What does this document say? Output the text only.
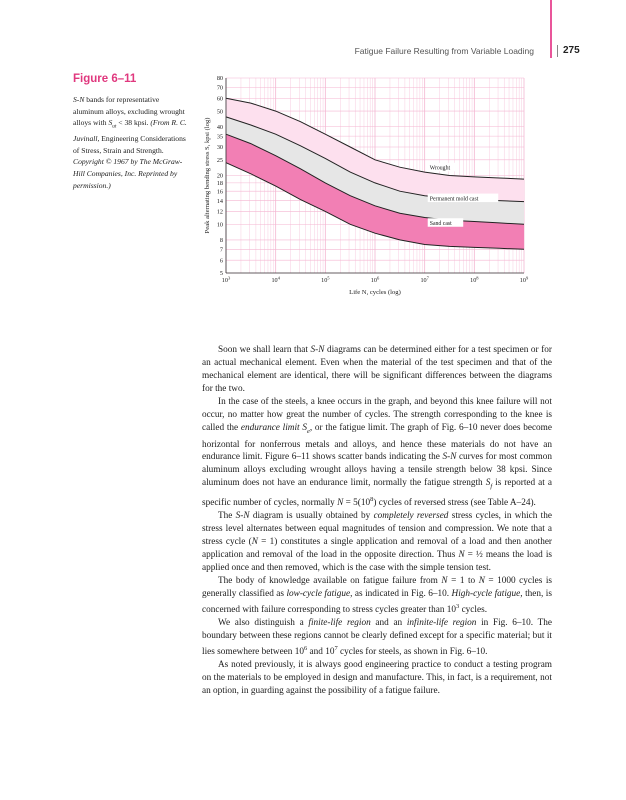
Fatigue Failure Resulting from Variable Loading	275
Figure 6–11
S-N bands for representative aluminum alloys, excluding wrought alloys with $S_{ut} < 38$ kpsi. (From R. C. Juvinall, Engineering Considerations of Stress, Strain and Strength. Copyright © 1967 by The McGraw-Hill Companies, Inc. Reprinted by permission.)
5
6
7
8
10
12
14
16
18
20
25
30
35
40
50
60
70
80
$10^3$	$10^4$	$10^5$	$10^6$	$10^7$	$10^8$	$10^9$
Life N, cycles (log)
Peak alternating bending stress S, kpsi (log)	Wrought
Permanent mold cast
Sand cast

Soon we shall learn that S-N diagrams can be determined either for a test specimen or for an actual mechanical element. Even when the material of the test specimen and that of the mechanical element are identical, there will be significant differences between the diagrams for the two.

In the case of the steels, a knee occurs in the graph, and beyond this knee failure will not occur, no matter how great the number of cycles. The strength corresponding to the knee is called the endurance limit $S_e$, or the fatigue limit. The graph of Fig. 6–10 never does become horizontal for nonferrous metals and alloys, and hence these materials do not have an endurance limit. Figure 6–11 shows scatter bands indicating the S-N curves for most common aluminum alloys excluding wrought alloys having a tensile strength below 38 kpsi. Since aluminum does not have an endurance limit, normally the fatigue strength $S_f$ is reported at a specific number of cycles, normally $N = 5(10^8)$ cycles of reversed stress (see Table A–24).

The S-N diagram is usually obtained by completely reversed stress cycles, in which the stress level alternates between equal magnitudes of tension and compression. We note that a stress cycle (N = 1) constitutes a single application and removal of a load and then another application and removal of the load in the opposite direction. Thus N = ½ means the load is applied once and then removed, which is the case with the simple tension test.

The body of knowledge available on fatigue failure from N = 1 to N = 1000 cycles is generally classified as low-cycle fatigue, as indicated in Fig. 6–10. High-cycle fatigue, then, is concerned with failure corresponding to stress cycles greater than $10^3$ cycles.

We also distinguish a finite-life region and an infinite-life region in Fig. 6–10. The boundary between these regions cannot be clearly defined except for a specific material; but it lies somewhere between $10^6$ and $10^7$ cycles for steels, as shown in Fig. 6–10.

As noted previously, it is always good engineering practice to conduct a testing program on the materials to be employed in design and manufacture. This, in fact, is a requirement, not an option, in guarding against the possibility of a fatigue failure.
